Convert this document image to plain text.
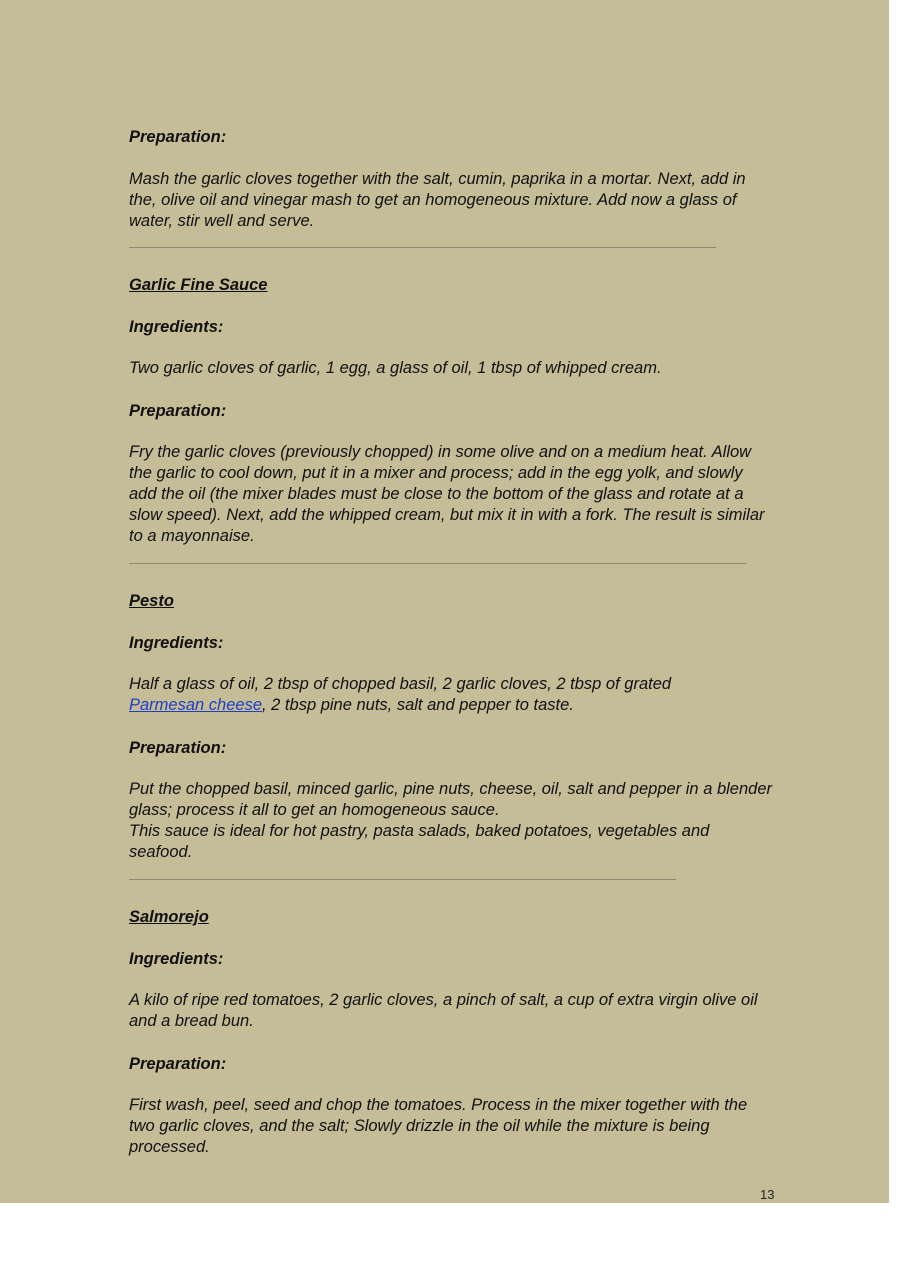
Preparation:

Mash the garlic cloves together with the salt, cumin, paprika in a mortar. Next, add in the, olive oil and vinegar mash to get an homogeneous mixture. Add now a glass of water, stir well and serve.

Garlic Fine Sauce

Ingredients:

Two garlic cloves of garlic, 1 egg, a glass of oil, 1 tbsp of whipped cream.

Preparation:

Fry the garlic cloves (previously chopped) in some olive and on a medium heat. Allow the garlic to cool down, put it in a mixer and process; add in the egg yolk, and slowly add the oil (the mixer blades must be close to the bottom of the glass and rotate at a slow speed). Next, add the whipped cream, but mix it in with a fork. The result is similar to a mayonnaise.

Pesto

Ingredients:

Half a glass of oil, 2 tbsp of chopped basil, 2 garlic cloves, 2 tbsp of grated Parmesan cheese, 2 tbsp pine nuts, salt and pepper to taste.

Preparation:

Put the chopped basil, minced garlic, pine nuts, cheese, oil, salt and pepper in a blender glass; process it all to get an homogeneous sauce.

This sauce is ideal for hot pastry, pasta salads, baked potatoes, vegetables and seafood.

Salmorejo

Ingredients:

A kilo of ripe red tomatoes, 2 garlic cloves, a pinch of salt, a cup of extra virgin olive oil and a bread bun.

Preparation:

First wash, peel, seed and chop the tomatoes. Process in the mixer together with the two garlic cloves, and the salt; Slowly drizzle in the oil while the mixture is being processed.

13
